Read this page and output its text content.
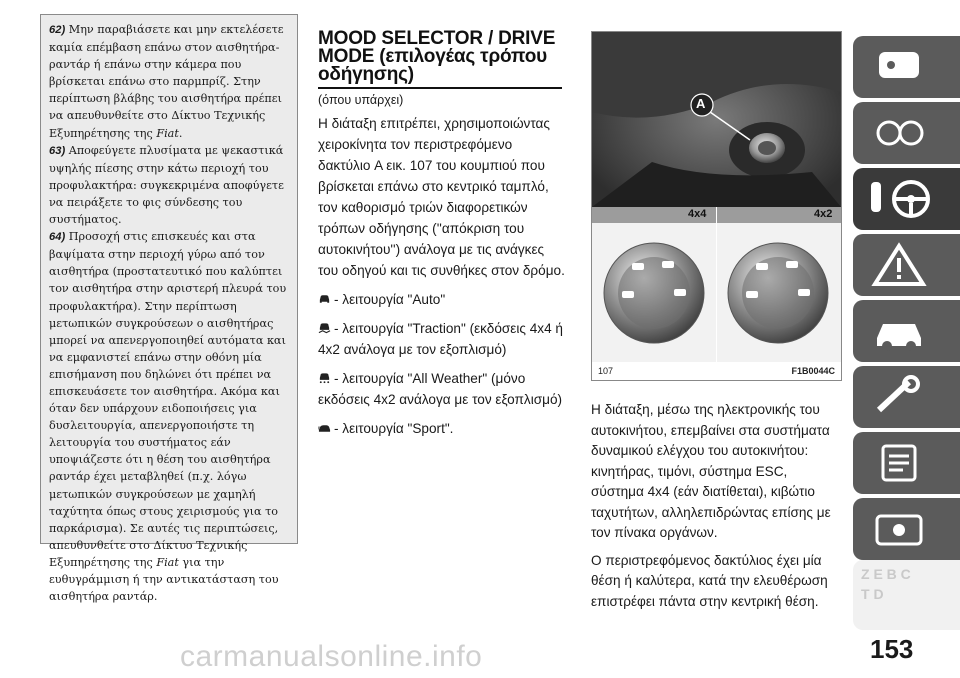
62) Μην παραβιάσετε και μην εκτελέσετε καμία επέμβαση επάνω στον αισθητήρα-ραντάρ ή επάνω στην κάμερα που βρίσκεται επάνω στο παρμπρίζ. Στην περίπτωση βλάβης του αισθητήρα πρέπει να απευθυνθείτε στο Δίκτυο Τεχνικής Εξυπηρέτησης της Fiat.

63) Αποφεύγετε πλυσίματα με ψεκαστικά υψηλής πίεσης στην κάτω περιοχή του προφυλακτήρα: συγκεκριμένα αποφύγετε να πειράξετε το φις σύνδεσης του συστήματος.

64) Προσοχή στις επισκευές και στα βαψίματα στην περιοχή γύρω από τον αισθητήρα (προστατευτικό που καλύπτει τον αισθητήρα στην αριστερή πλευρά του προφυλακτήρα). Στην περίπτωση μετωπικών συγκρούσεων ο αισθητήρας μπορεί να απενεργοποιηθεί αυτόματα και να εμφανιστεί επάνω στην οθόνη μία επισήμανση που δηλώνει ότι πρέπει να επισκευάσετε τον αισθητήρα. Ακόμα και όταν δεν υπάρχουν ειδοποιήσεις για δυσλειτουργία, απενεργοποιήστε τη λειτουργία του συστήματος εάν υποψιάζεστε ότι η θέση του αισθητήρα ραντάρ έχει μεταβληθεί (π.χ. λόγω μετωπικών συγκρούσεων με χαμηλή ταχύτητα όπως στους χειρισμούς για το παρκάρισμα). Σε αυτές τις περιπτώσεις, απευθυνθείτε στο Δίκτυο Τεχνικής Εξυπηρέτησης της Fiat για την ευθυγράμμιση ή την αντικατάσταση του αισθητήρα ραντάρ.

MOOD SELECTOR / DRIVE
MODE (επιλογέας τρόπου
οδήγησης)
(όπου υπάρχει)

Η διάταξη επιτρέπει, χρησιμοποιώντας χειροκίνητα τον περιστρεφόμενο δακτύλιο A εικ. 107 του κουμπιού που βρίσκεται επάνω στο κεντρικό ταμπλό, τον καθορισμό τριών διαφορετικών τρόπων οδήγησης (''απόκριση του αυτοκινήτου'') ανάλογα με τις ανάγκες του οδηγού και τις συνθήκες στον δρόμο.

- λειτουργία "Auto"
- λειτουργία "Traction" (εκδόσεις 4x4 ή 4x2 ανάλογα με τον εξοπλισμό)
- λειτουργία "All Weather" (μόνο εκδόσεις 4x2 ανάλογα με τον εξοπλισμό)
- λειτουργία "Sport".
A
4x4	4x2
107	F1B0044C

Η διάταξη, μέσω της ηλεκτρονικής του αυτοκινήτου, επεμβαίνει στα συστήματα δυναμικού ελέγχου του αυτοκινήτου: κινητήρας, τιμόνι, σύστημα ESC, σύστημα 4x4 (εάν διατίθεται), κιβώτιο ταχυτήτων, αλληλεπιδρώντας επίσης με τον πίνακα οργάνων.

Ο περιστρεφόμενος δακτύλιος έχει μία θέση ή καλύτερα, κατά την ελευθέρωση επιστρέφει πάντα στην κεντρική θέση.

Z E B C T D
153
carmanualsonline.info
